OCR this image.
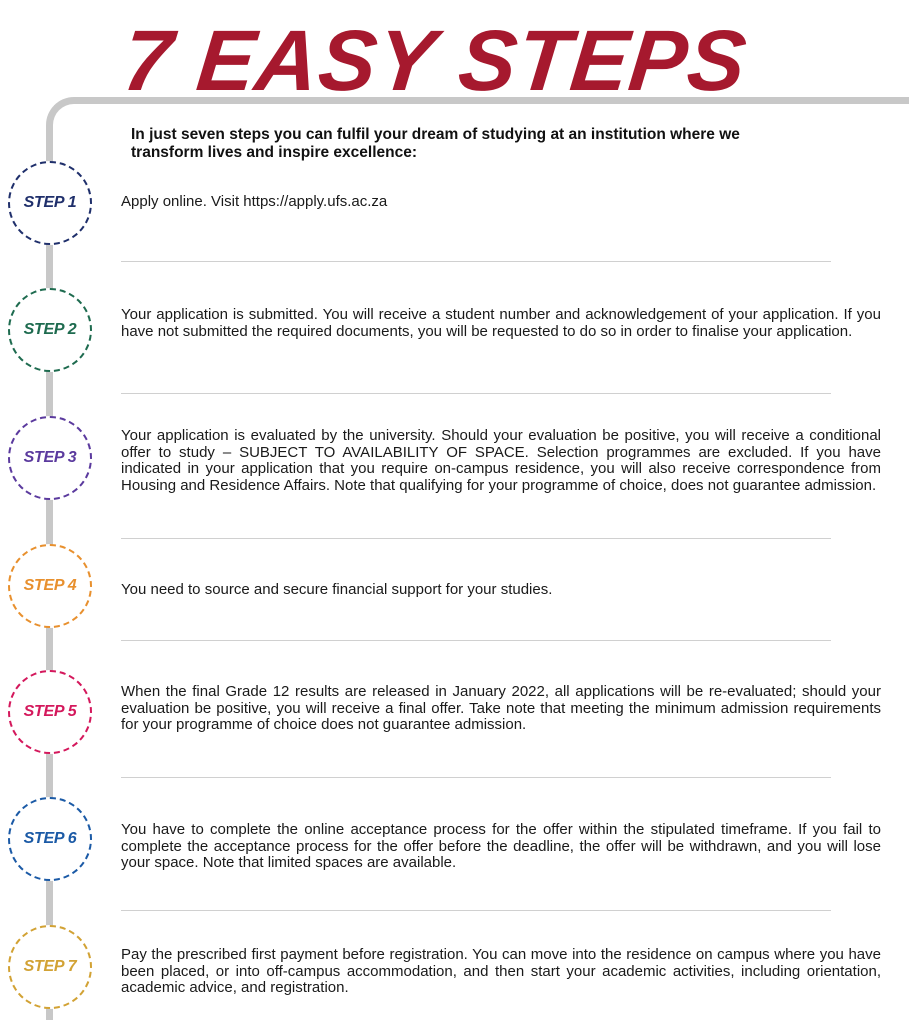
7 EASY STEPS

In just seven steps you can fulfil your dream of studying at an institution where we transform lives and inspire excellence:

STEP 1	Apply online. Visit https://apply.ufs.ac.za

STEP 2

Your application is submitted. You will receive a student number and acknowledgement of your application. If you have not submitted the required documents, you will be requested to do so in order to finalise your application.

STEP 3

Your application is evaluated by the university. Should your evaluation be positive, you will receive a conditional offer to study – SUBJECT TO AVAILABILITY OF SPACE. Selection programmes are excluded. If you have indicated in your application that you require on-campus residence, you will also receive correspondence from Housing and Residence Affairs. Note that qualifying for your programme of choice, does not guarantee admission.

STEP 4	You need to source and secure financial support for your studies.

STEP 5

When the final Grade 12 results are released in January 2022, all applications will be re-evaluated; should your evaluation be positive, you will receive a final offer. Take note that meeting the minimum admission requirements for your programme of choice does not guarantee admission.

STEP 6

You have to complete the online acceptance process for the offer within the stipulated timeframe. If you fail to complete the acceptance process for the offer before the deadline, the offer will be withdrawn, and you will lose your space. Note that limited spaces are available.

STEP 7

Pay the prescribed first payment before registration. You can move into the residence on campus where you have been placed, or into off-campus accommodation, and then start your academic activities, including orientation, academic advice, and registration.
